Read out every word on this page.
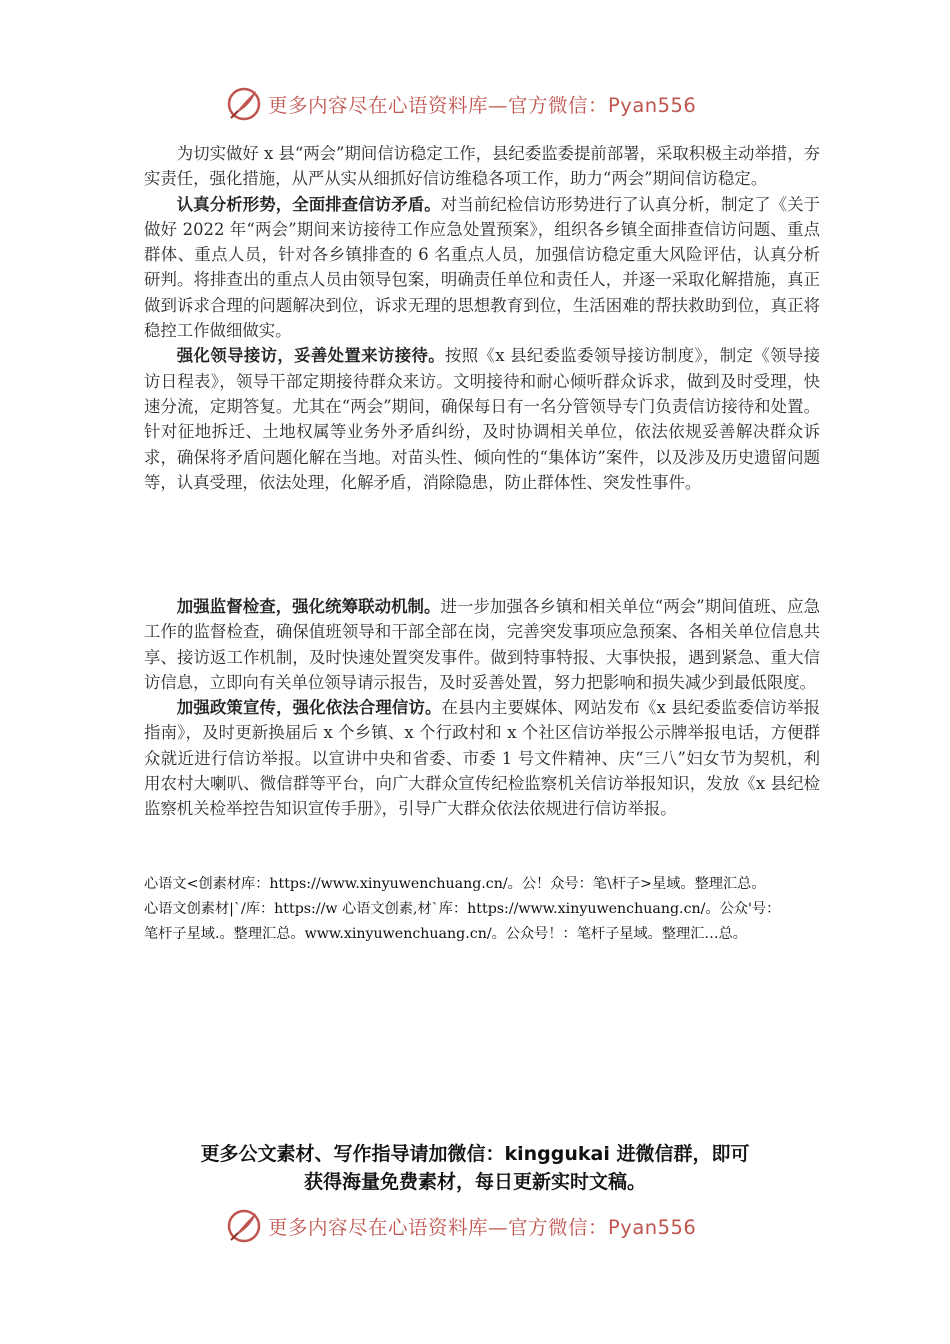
更多内容尽在心语资料库—官方微信：Pyan556

为切实做好 x 县“两会”期间信访稳定工作，县纪委监委提前部署，采取积极主动举措，夯实责任，强化措施，从严从实从细抓好信访维稳各项工作，助力“两会”期间信访稳定。

认真分析形势，全面排查信访矛盾。对当前纪检信访形势进行了认真分析，制定了《关于做好 2022 年“两会”期间来访接待工作应急处置预案》，组织各乡镇全面排查信访问题、重点群体、重点人员，针对各乡镇排查的 6 名重点人员，加强信访稳定重大风险评估，认真分析研判。将排查出的重点人员由领导包案，明确责任单位和责任人，并逐一采取化解措施，真正做到诉求合理的问题解决到位，诉求无理的思想教育到位，生活困难的帮扶救助到位，真正将稳控工作做细做实。

强化领导接访，妥善处置来访接待。按照《x 县纪委监委领导接访制度》，制定《领导接访日程表》，领导干部定期接待群众来访。文明接待和耐心倾听群众诉求，做到及时受理，快速分流，定期答复。尤其在“两会”期间，确保每日有一名分管领导专门负责信访接待和处置。针对征地拆迁、土地权属等业务外矛盾纠纷，及时协调相关单位，依法依规妥善解决群众诉求，确保将矛盾问题化解在当地。对苗头性、倾向性的“集体访”案件，以及涉及历史遗留问题等，认真受理，依法处理，化解矛盾，消除隐患，防止群体性、突发性事件。

加强监督检查，强化统筹联动机制。进一步加强各乡镇和相关单位“两会”期间值班、应急工作的监督检查，确保值班领导和干部全部在岗，完善突发事项应急预案、各相关单位信息共享、接访返工作机制，及时快速处置突发事件。做到特事特报、大事快报，遇到紧急、重大信访信息，立即向有关单位领导请示报告，及时妥善处置，努力把影响和损失减少到最低限度。

加强政策宣传，强化依法合理信访。在县内主要媒体、网站发布《x 县纪委监委信访举报指南》，及时更新换届后 x 个乡镇、x 个行政村和 x 个社区信访举报公示牌举报电话，方便群众就近进行信访举报。以宣讲中央和省委、市委 1 号文件精神、庆“三八”妇女节为契机，利用农村大喇叭、微信群等平台，向广大群众宣传纪检监察机关信访举报知识，发放《x 县纪检监察机关检举控告知识宣传手册》，引导广大群众依法依规进行信访举报。

心语文<创素材库：https://www.xinyuwenchuang.cn/。公！众号：笔\杆子>星域。整理汇总。
心语文创素材|`/库：https://w 心语文创素,材`库：https://www.xinyuwenchuang.cn/。公众'号：
笔杆子星域.。整理汇总。www.xinyuwenchuang.cn/。公众号！：笔杆子星域。整理汇…总。
更多公文素材、写作指导请加微信：kinggukai 进微信群，即可
获得海量免费素材，每日更新实时文稿。
更多内容尽在心语资料库—官方微信：Pyan556
